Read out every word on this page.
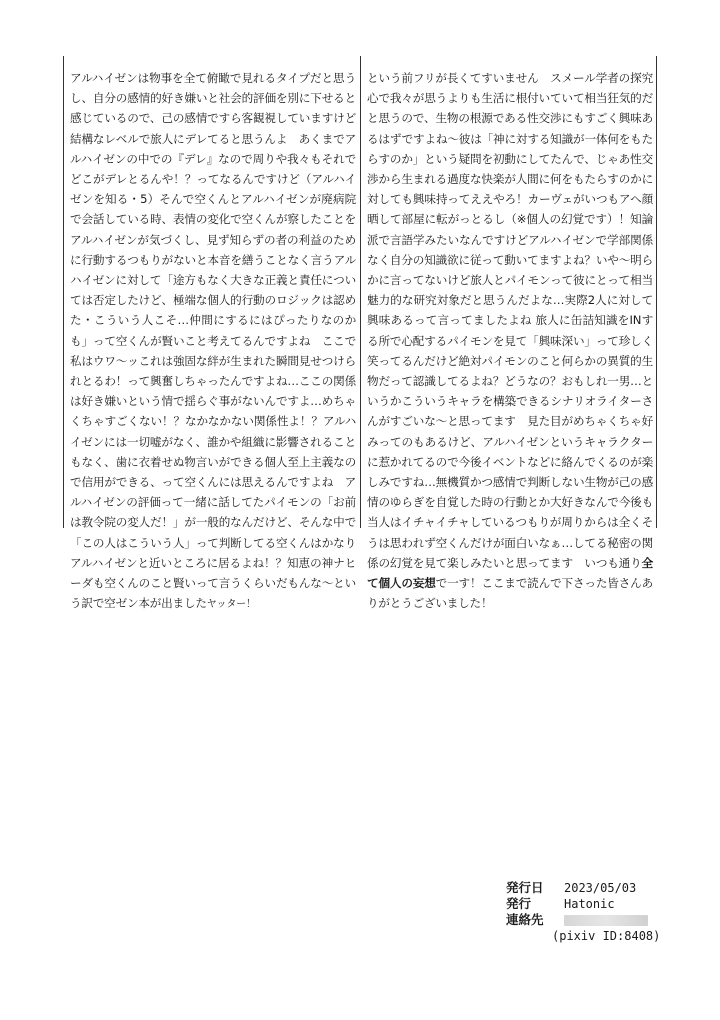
アルハイゼンは物事を全て俯瞰で見れるタイプだと思うし、自分の感情的好き嫌いと社会的評価を別に下せると感じているので、己の感情ですら客観視していますけど結構なレベルで旅人にデレてると思うんよ　あくまでアルハイゼンの中での『デレ』なので周りや我々もそれでどこがデレとるんや！？ってなるんですけど（アルハイゼンを知る・5）そんで空くんとアルハイゼンが廃病院で会話している時、表情の変化で空くんが察したことをアルハイゼンが気づくし、見ず知らずの者の利益のために行動するつもりがないと本音を繕うことなく言うアルハイゼンに対して「途方もなく大きな正義と責任については否定したけど、極端な個人的行動のロジックは認めた・こういう人こそ…仲間にするにはぴったりなのかも」って空くんが賢いこと考えてるんですよね　ここで私はウワ〜ッこれは強固な絆が生まれた瞬間見せつけられとるわ！って興奮しちゃったんですよね…ここの関係は好き嫌いという情で揺らぐ事がないんですよ…めちゃくちゃすごくない！？なかなかない関係性よ！？アルハイゼンには一切嘘がなく、誰かや組織に影響されることもなく、歯に衣着せぬ物言いができる個人至上主義なので信用ができる、って空くんには思えるんですよね　アルハイゼンの評価って一緒に話してたパイモンの「お前は教令院の変人だ！」が一般的なんだけど、そんな中で「この人はこういう人」って判断してる空くんはかなりアルハイゼンと近いところに居るよね！？知恵の神ナヒーダも空くんのこと賢いって言うくらいだもんな〜という訳で空ゼン本が出ましたヤッター！

という前フリが長くてすいません　スメール学者の探究心で我々が思うよりも生活に根付いていて相当狂気的だと思うので、生物の根源である性交渉にもすごく興味あるはずですよね〜彼は「神に対する知識が一体何をもたらすのか」という疑問を初動にしてたんで、じゃあ性交渉から生まれる過度な快楽が人間に何をもたらすのかに対しても興味持ってええやろ！カーヴェがいつもアへ顔晒して部屋に転がっとるし（※個人の幻覚です）！知論派で言語学みたいなんですけどアルハイゼンで学部関係なく自分の知識欲に従って動いてますよね？いや〜明らかに言ってないけど旅人とパイモンって彼にとって相当魅力的な研究対象だと思うんだよな…実際2人に対して興味あるって言ってましたよね 旅人に缶詰知識をINする所で心配するパイモンを見て「興味深い」って珍しく笑ってるんだけど絶対パイモンのこと何らかの異質的生物だって認識してるよね？どうなの？おもしれ一男…というかこういうキャラを構築できるシナリオライターさんがすごいな〜と思ってます　見た目がめちゃくちゃ好みってのもあるけど、アルハイゼンというキャラクターに惹かれてるので今後イベントなどに絡んでくるのが楽しみですね…無機質かつ感情で判断しない生物が己の感情のゆらぎを自覚した時の行動とか大好きなんで今後も当人はイチャイチャしているつもりが周りからは全くそうは思われず空くんだけが面白いなぁ…してる秘密の関係の幻覚を見て楽しみたいと思ってます　いつも通り全て個人の妄想で一す！ここまで読んで下さった皆さんありがとうございました！

発行日	2023/05/03
発行	Hatonic
連絡先
(pixiv ID:8408)
